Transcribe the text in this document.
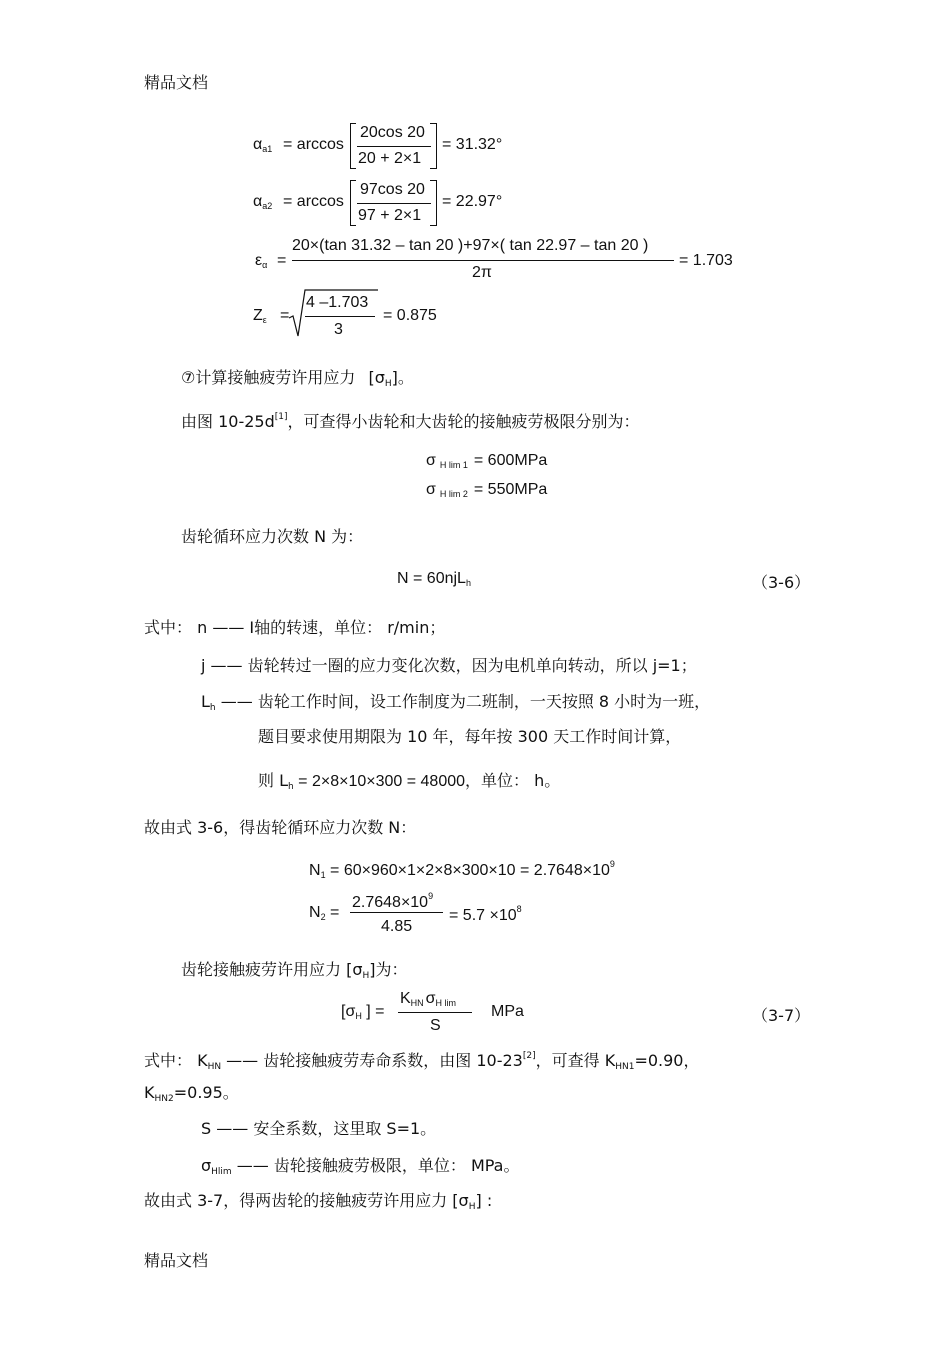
精品文档
精品文档
$\alpha_{a1} = \arccos$
20cos 20
20 + 2×1
= 31.32°
$\alpha_{a2} = \arccos$
97cos 20
97 + 2×1
= 22.97°
$\varepsilon_\alpha$ =
20×(tan 31.32 – tan 20 )+97×( tan 22.97 – tan 20 )
2π
= 1.703
$Z_\varepsilon$ =
4 –1.703
3
= 0.875
⑦计算接触疲劳许用应力 $[\sigma_H]$。
由图 10-25d[1]，可查得小齿轮和大齿轮的接触疲劳极限分别为：
σ $_{H lim 1}$ = 600MPa
σ $_{H lim 2}$ = 550MPa
齿轮循环应力次数 N 为：
N = 60njL$_h$	（3-6）
式中： n —— Ⅰ轴的转速，单位： r/min；
j —— 齿轮转过一圈的应力变化次数，因为电机单向转动，所以 j=1；
$L_h$ —— 齿轮工作时间，设工作制度为二班制，一天按照 8 小时为一班，
题目要求使用期限为 10 年，每年按 300 天工作时间计算，
则 $L_h = 2\times 8\times 10\times 300 = 48000$，单位： h。
故由式 3-6，得齿轮循环应力次数 N：
$N_1 = 60\times 960\times 1\times 2\times 8\times 300\times 10 = 2.7648\times 10^9$
$N_2$ =
$2.7648\times 10^9$
4.85
= $5.7 \times 10^8$
齿轮接触疲劳许用应力 $[\sigma_H]$为：
[$\sigma_H$ ] =
$K_{HN}$ $\sigma_{H lim}$
S
MPa	（3-7）
式中： $K_{HN}$ —— 齿轮接触疲劳寿命系数，由图 10-23[2]，可查得 $K_{HN1}=0.90$，
$K_{HN2}=0.95$。
S —— 安全系数，这里取 S=1。
$\sigma_{Hlim}$ —— 齿轮接触疲劳极限，单位： MPa。
故由式 3-7，得两齿轮的接触疲劳许用应力 $[\sigma_H]$ :
